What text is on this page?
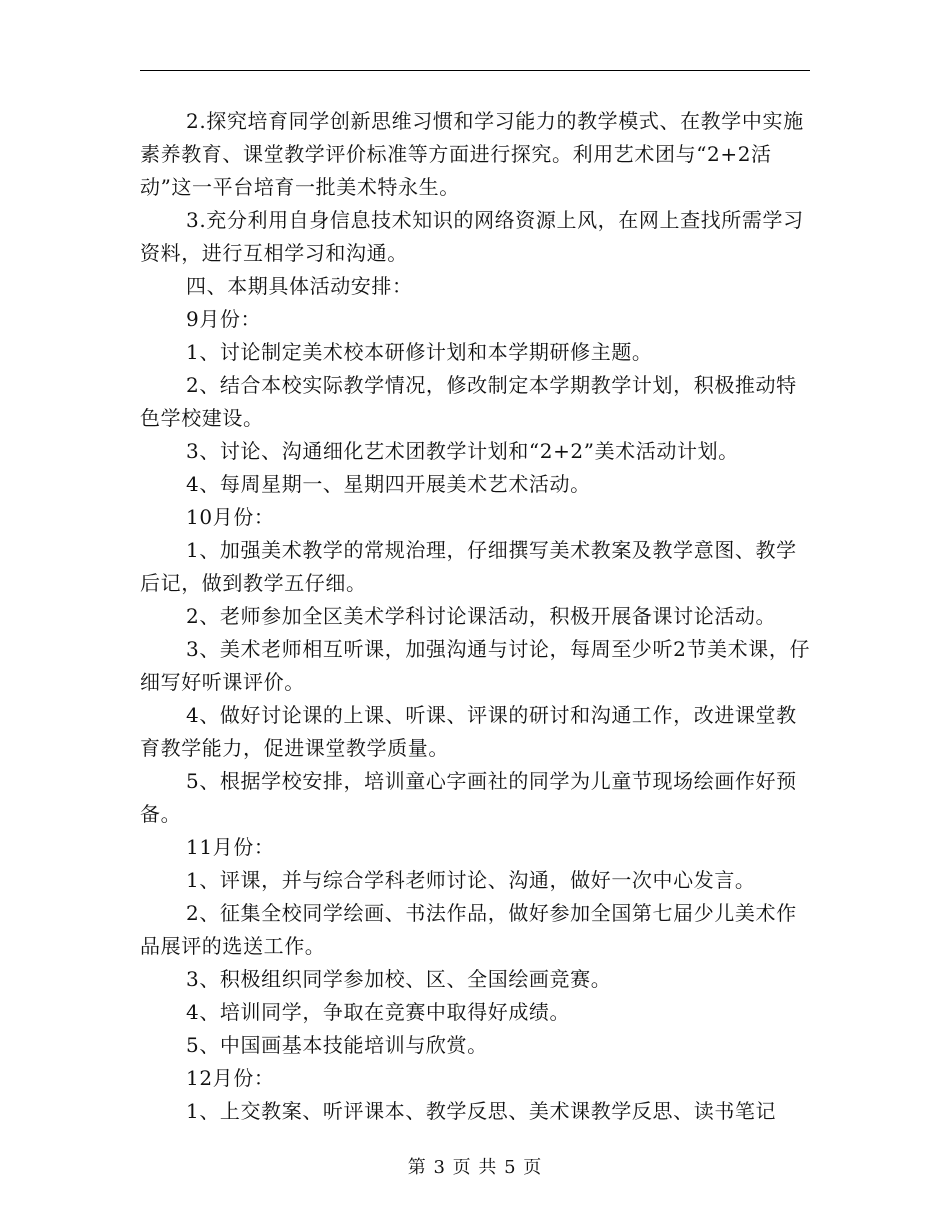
2.探究培育同学创新思维习惯和学习能力的教学模式、在教学中实施素养教育、课堂教学评价标准等方面进行探究。利用艺术团与“2+2活动”这一平台培育一批美术特永生。

3.充分利用自身信息技术知识的网络资源上风，在网上查找所需学习资料，进行互相学习和沟通。

四、本期具体活动安排：

9月份：

1、讨论制定美术校本研修计划和本学期研修主题。

2、结合本校实际教学情况，修改制定本学期教学计划，积极推动特色学校建设。

3、讨论、沟通细化艺术团教学计划和“2+2”美术活动计划。

4、每周星期一、星期四开展美术艺术活动。

10月份：

1、加强美术教学的常规治理，仔细撰写美术教案及教学意图、教学后记，做到教学五仔细。

2、老师参加全区美术学科讨论课活动，积极开展备课讨论活动。

3、美术老师相互听课，加强沟通与讨论，每周至少听2节美术课，仔细写好听课评价。

4、做好讨论课的上课、听课、评课的研讨和沟通工作，改进课堂教育教学能力，促进课堂教学质量。

5、根据学校安排，培训童心字画社的同学为儿童节现场绘画作好预备。

11月份：

1、评课，并与综合学科老师讨论、沟通，做好一次中心发言。

2、征集全校同学绘画、书法作品，做好参加全国第七届少儿美术作品展评的选送工作。

3、积极组织同学参加校、区、全国绘画竞赛。

4、培训同学，争取在竞赛中取得好成绩。

5、中国画基本技能培训与欣赏。

12月份：

1、上交教案、听评课本、教学反思、美术课教学反思、读书笔记

第 3 页 共 5 页
